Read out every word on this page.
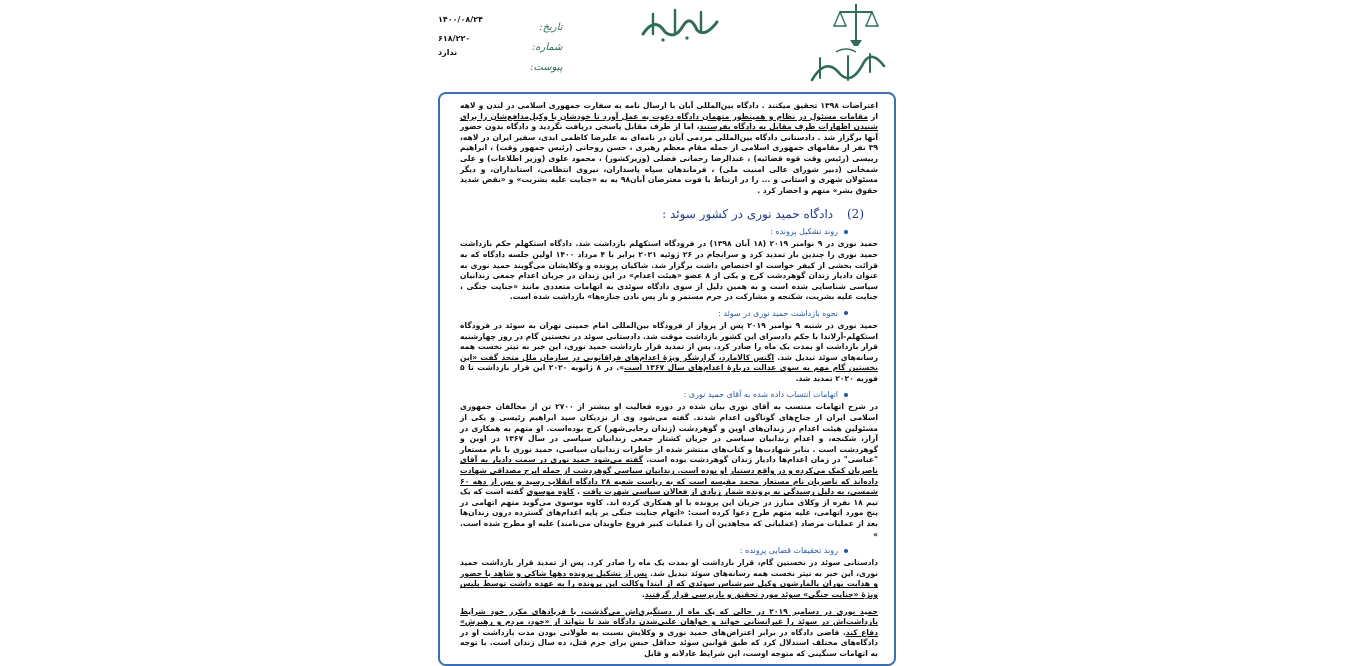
۱۴۰۰/۰۸/۲۴
۶۱۸/۲۲۰
ندارد
تاریخ:
شماره:
پیوست:

اعتراضات ۱۳۹۸ تحقیق میکنند . دادگاه بین‌المللی آبان با ارسال نامه به سفارت جمهوری اسلامی در لندن و لاهه از مقامات مسئول در نظام و همینطور متهمان دادگاه دعوت به عمل آورد تا خودشان یا وکیل‌مدافع‌شان را برای شنیدن اظهارات طرف مقابل به دادگاه بفرستند، اما از طرف مقابل پاسخی دریافت نگردید و دادگاه بدون حضور آنها برگزار شد . دادستانی دادگاه بین‌المللی مردمی آبان در نامه‌ای به علیرضا کاظمی ابدی، سفیر ایران در لاهه، ۳۹ نفر از مقامهای جمهوری اسلامی از جمله مقام معظم رهبری ، حسن روحانی (رئیس جمهور وقت) ، ابراهیم رییسی (رئیس وقت قوه قضائیه) ، عبدالرضا رحمانی فضلی (وزیرکشور) ، محمود علوی (وزیر اطلاعات) و علی شمخانی (دبیر شورای عالی امنیت ملی) ، فرماندهان سپاه پاسداران، نیروی انتظامی، استانداران، و دیگر مسئولان شهری و استانی و ... را در ارتباط با فوت معترضان آبان۹۸ به به «جنایت علیه بشریت» و «نقض شدید حقوق بشر» متهم و احضار کرد .

(2) دادگاه حمید نوری در کشور سوئد :
روند تشکیل پرونده :

حمید نوری در ۹ نوامبر ۲۰۱۹ (۱۸ آبان ۱۳۹۸) در فرودگاه استکهلم بازداشت شد. دادگاه استکهلم حکم بازداشت حمید نوری را چندین بار تمدید کرد و سرانجام در ۲۶ ژوئیه ۲۰۲۱ برابر با ۴ مرداد ۱۴۰۰ اولین جلسه دادگاه که به قرائت بخشی از کیفر خواست او اختصاص داشت برگزار شد. شاکیان پرونده و وکلایشان می‌گویند حمید نوری به عنوان دادیار زندان گوهردشت کرج و یکی از ۸ عضو «هیئت اعدام» در این زندان در جریان اعدام جمعی زندانیان سیاسی شناسایی شده است و به همین دلیل از سوی دادگاه سوئدی به اتهامات متعددی مانند «جنایت جنگی ، جنایت علیه بشریت، شکنجه و مشارکت در جرم مستمر و باز پس نادن جنازه‌ها» بازداشت شده است.

نحوه بازداشت حمید نوری در سوئد :

حمید نوری در شنبه ۹ نوامبر ۲۰۱۹ پس از پرواز از فرودگاه بین‌المللی امام خمینی تهران به سوئد در فرودگاه استکهلم-آرلاندا با حکم دادسرای این کشور بازداشت موقت شد. دادستانی سوئد در نخستین گام در روز چهارشنبه قرار بازداشت او بمدت یک ماه را صادر کرد. پس از تمدید قرار بازداشت حمید نوری، این خبر به تیتر نخست همه رسانه‌های سوئد تبدیل شد. اگنس کالامارد، گزارشگر ویژهٔ اعدام‌های فراقانونی در سازمان ملل متحد گفت «این نخستین گام مهم به سوی عدالت دربارهٔ اعدام‌های سال ۱۳۶۷ است». در ۸ ژانویه ۲۰۲۰ این قرار بازداشت تا ۵ فوریه ۲۰۲۰ تمدید شد.

اتهامات انتساب داده شده به آقای حمید نوری :

در شرح اتهامات منتسب به آقای نوری بیان شده در دوره فعالیت او بیشتر از ۲۷۰۰ تن از مخالفان جمهوری اسلامی ایران از جناح‌های گوناگون اعدام شدند. گفته می‌شود وی از نزدیکان سید ابراهیم رئیسی و یکی از مسئولین هیئت اعدام در زندان‌های اوین و گوهردشت (زندان رجایی‌شهر) کرج بوده‌است. او متهم به همکاری در آزار، شکنجه، و اعدام زندانیان سیاسی در جریان کشتار جمعی زندانیان سیاسی در سال ۱۳۶۷ در اوین و گوهردشت است . بنابر شهادت‌ها و کتاب‌های منتشر شده از خاطرات زندانیان سیاسی، حمید نوری با نام مستعار "عباسی" در زمان اعدام‌ها دادیار زندان گوهردشت بوده است. گفته می‌شود حمید نوری در سمت دادیار به آقای ناصریان کمک می‌کرده و در واقع دستیار او بوده است. زندانیان سیاسی گوهردشت از جمله ایرج مصداقی شهادت داده‌اند که ناصریان نام مستعار محمد مقیسه است که به ریاست شعبه ۲۸ دادگاه انقلاب رسید و پس از دهه ۶۰ شمسی، به دلیل رسیدگی به پرونده شمار زیادی از فعالان سیاسی شهرت یافت . کاوه موسوی گفته است که یک تیم ۱۸ نفره از وکلای مبارز در جریان این پرونده با او همکاری کرده اند. کاوه موسوی می‌گوید متهم اتهامی در پنج مورد اتهامی، علیه متهم طرح دعوا کرده است: «اتهام جنایت جنگی بر پایه اعدام‌های گسترده درون زندان‌ها بعد از عملیات مرصاد (عملیاتی که مجاهدین آن را عملیات کبیر فروغ جاویدان می‌نامند) علیه او مطرح شده است. »

روند تحقیقات قضایی پرونده :

دادستانی سوئد در نخستین گام، قرار بازداشت او بمدت یک ماه را صادر کرد. پس از تمدید قرار بازداشت حمید نوری، این خبر به تیتر نخست همه رسانه‌های سوئد تبدیل شد. پس از تشکیل پرونده دهها شاکی و شاهد با حضور و هدایت یوران یالمارشون وکیل سرشناس سوئدی که از ابتدا وکالت این پرونده را به عهده داشت توسط پلیس ویژهٔ «جنایت جنگی» سوئد مورد تحقیق و بازپرسی قرار گرفتند.

حمید نوری در دسامبر ۲۰۱۹ در حالی که یک ماه از دستگیری‌اش می‌گذشت، با فریادهای مکرر خود شرایط بازداشت‌اش در سوئد را غیرانسانی خواند و خواهان علنی‌شدن دادگاه شد تا بتواند از «خود، مردم و رهبرش» دفاع کند. قاضی دادگاه در برابر اعتراض‌های حمید نوری و وکلایش نسبت به طولانی بودن مدت بازداشت او در دادگاه‌های مختلف استدلال کرد که طبق قوانین سوئد حداقل حبس برای جرم قتل، ده سال زندان است. با توجه به اتهامات سنگینی که متوجه اوست، این شرایط عادلانه و قابل
